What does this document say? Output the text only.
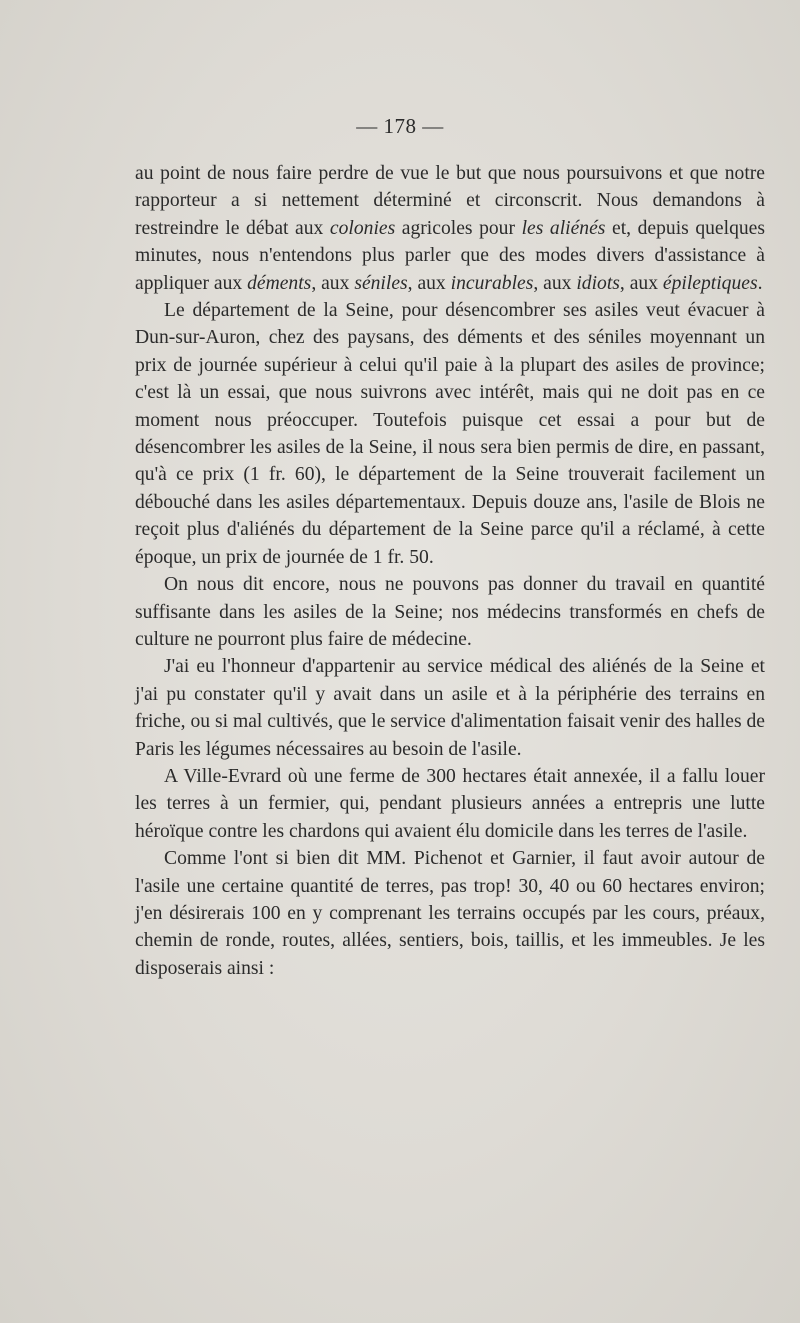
— 178 —

au point de nous faire perdre de vue le but que nous poursuivons et que notre rapporteur a si nettement déterminé et circonscrit. Nous demandons à restreindre le débat aux colonies agricoles pour les aliénés et, depuis quelques minutes, nous n'entendons plus parler que des modes divers d'assistance à appliquer aux déments, aux séniles, aux incurables, aux idiots, aux épileptiques.

Le département de la Seine, pour désencombrer ses asiles veut évacuer à Dun-sur-Auron, chez des paysans, des déments et des séniles moyennant un prix de journée supérieur à celui qu'il paie à la plupart des asiles de province; c'est là un essai, que nous suivrons avec intérêt, mais qui ne doit pas en ce moment nous préoccuper. Toutefois puisque cet essai a pour but de désencombrer les asiles de la Seine, il nous sera bien permis de dire, en passant, qu'à ce prix (1 fr. 60), le département de la Seine trouverait facilement un débouché dans les asiles départementaux. Depuis douze ans, l'asile de Blois ne reçoit plus d'aliénés du département de la Seine parce qu'il a réclamé, à cette époque, un prix de journée de 1 fr. 50.

On nous dit encore, nous ne pouvons pas donner du travail en quantité suffisante dans les asiles de la Seine; nos médecins transformés en chefs de culture ne pourront plus faire de médecine.

J'ai eu l'honneur d'appartenir au service médical des aliénés de la Seine et j'ai pu constater qu'il y avait dans un asile et à la périphérie des terrains en friche, ou si mal cultivés, que le service d'alimentation faisait venir des halles de Paris les légumes nécessaires au besoin de l'asile.

A Ville-Evrard où une ferme de 300 hectares était annexée, il a fallu louer les terres à un fermier, qui, pendant plusieurs années a entrepris une lutte héroïque contre les chardons qui avaient élu domicile dans les terres de l'asile.

Comme l'ont si bien dit MM. Pichenot et Garnier, il faut avoir autour de l'asile une certaine quantité de terres, pas trop! 30, 40 ou 60 hectares environ; j'en désirerais 100 en y comprenant les terrains occupés par les cours, préaux, chemin de ronde, routes, allées, sentiers, bois, taillis, et les immeubles. Je les disposerais ainsi :
